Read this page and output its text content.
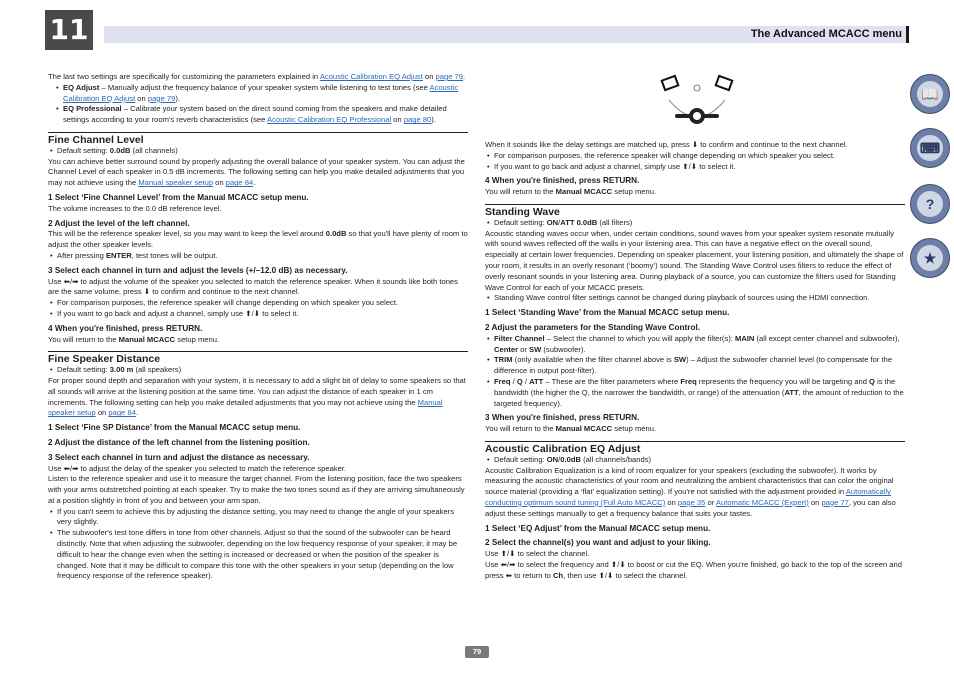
11	The Advanced MCACC menu
📖
⌨
?
★

The last two settings are specifically for customizing the parameters explained in Acoustic Calibration EQ Adjust on page 79.

• EQ Adjust – Manually adjust the frequency balance of your speaker system while listening to test tones (see Acoustic Calibration EQ Adjust on page 79).

• EQ Professional – Calibrate your system based on the direct sound coming from the speakers and make detailed settings according to your room's reverb characteristics (see Acoustic Calibration EQ Professional on page 80).

Fine Channel Level

• Default setting: 0.0dB (all channels)

You can achieve better surround sound by properly adjusting the overall balance of your speaker system. You can adjust the Channel Level of each speaker in 0.5 dB increments. The following setting can help you make detailed adjustments that you may not achieve using the Manual speaker setup on page 84.

1 Select ‘Fine Channel Level’ from the Manual MCACC setup menu.

The volume increases to the 0.0 dB reference level.

2 Adjust the level of the left channel.

This will be the reference speaker level, so you may want to keep the level around 0.0dB so that you'll have plenty of room to adjust the other speaker levels.

• After pressing ENTER, test tones will be output.

3 Select each channel in turn and adjust the levels (+/–12.0 dB) as necessary.

Use ⬅/➡ to adjust the volume of the speaker you selected to match the reference speaker. When it sounds like both tones are the same volume, press ⬇ to confirm and continue to the next channel.

• For comparison purposes, the reference speaker will change depending on which speaker you select.

• If you want to go back and adjust a channel, simply use ⬆/⬇ to select it.

4 When you're finished, press RETURN.

You will return to the Manual MCACC setup menu.

Fine Speaker Distance

• Default setting: 3.00 m (all speakers)

For proper sound depth and separation with your system, it is necessary to add a slight bit of delay to some speakers so that all sounds will arrive at the listening position at the same time. You can adjust the distance of each speaker in 1 cm increments. The following setting can help you make detailed adjustments that you may not achieve using the Manual speaker setup on page 84.

1 Select ‘Fine SP Distance’ from the Manual MCACC setup menu.

2 Adjust the distance of the left channel from the listening position.

3 Select each channel in turn and adjust the distance as necessary.

Use ⬅/➡ to adjust the delay of the speaker you selected to match the reference speaker.

Listen to the reference speaker and use it to measure the target channel. From the listening position, face the two speakers with your arms outstretched pointing at each speaker. Try to make the two tones sound as if they are arriving simultaneously at a position slightly in front of you and between your arm span.

• If you can't seem to achieve this by adjusting the distance setting, you may need to change the angle of your speakers very slightly.

• The subwoofer's test tone differs in tone from other channels. Adjust so that the sound of the subwoofer can be heard distinctly. Note that when adjusting the subwoofer, depending on the low frequency response of your speaker, it may be difficult to hear the change even when the setting is increased or decreased or when the position of the speaker is changed. Note that it may be difficult to compare this tone with the other speakers in your setup (depending on the low frequency response of the reference speaker).

When it sounds like the delay settings are matched up, press ⬇ to confirm and continue to the next channel.

• For comparison purposes, the reference speaker will change depending on which speaker you select.

• If you want to go back and adjust a channel, simply use ⬆/⬇ to select it.

4 When you're finished, press RETURN.

You will return to the Manual MCACC setup menu.

Standing Wave

• Default setting: ON/ATT 0.0dB (all filters)

Acoustic standing waves occur when, under certain conditions, sound waves from your speaker system resonate mutually with sound waves reflected off the walls in your listening area. This can have a negative effect on the overall sound, especially at certain lower frequencies. Depending on speaker placement, your listening position, and ultimately the shape of your room, it results in an overly resonant (‘boomy’) sound. The Standing Wave Control uses filters to reduce the effect of overly resonant sounds in your listening area. During playback of a source, you can customize the filters used for Standing Wave Control for each of your MCACC presets.

• Standing Wave control filter settings cannot be changed during playback of sources using the HDMI connection.

1 Select ‘Standing Wave’ from the Manual MCACC setup menu.

2 Adjust the parameters for the Standing Wave Control.

• Filter Channel – Select the channel to which you will apply the filter(s): MAIN (all except center channel and subwoofer), Center or SW (subwoofer).

• TRIM (only available when the filter channel above is SW) – Adjust the subwoofer channel level (to compensate for the difference in output post-filter).

• Freq / Q / ATT – These are the filter parameters where Freq represents the frequency you will be targeting and Q is the bandwidth (the higher the Q, the narrower the bandwidth, or range) of the attenuation (ATT, the amount of reduction to the targeted frequency).

3 When you're finished, press RETURN.

You will return to the Manual MCACC setup menu.

Acoustic Calibration EQ Adjust

• Default setting: ON/0.0dB (all channels/bands)

Acoustic Calibration Equalization is a kind of room equalizer for your speakers (excluding the subwoofer). It works by measuring the acoustic characteristics of your room and neutralizing the ambient characteristics that can color the original source material (providing a ‘flat’ equalization setting). If you're not satisfied with the adjustment provided in Automatically conducting optimum sound tuning (Full Auto MCACC) on page 35 or Automatic MCACC (Expert) on page 77, you can also adjust these settings manually to get a frequency balance that suits your tastes.

1 Select ‘EQ Adjust’ from the Manual MCACC setup menu.

2 Select the channel(s) you want and adjust to your liking.

Use ⬆/⬇ to select the channel.

Use ⬅/➡ to select the frequency and ⬆/⬇ to boost or cut the EQ. When you're finished, go back to the top of the screen and press ⬅ to return to Ch, then use ⬆/⬇ to select the channel.

79
